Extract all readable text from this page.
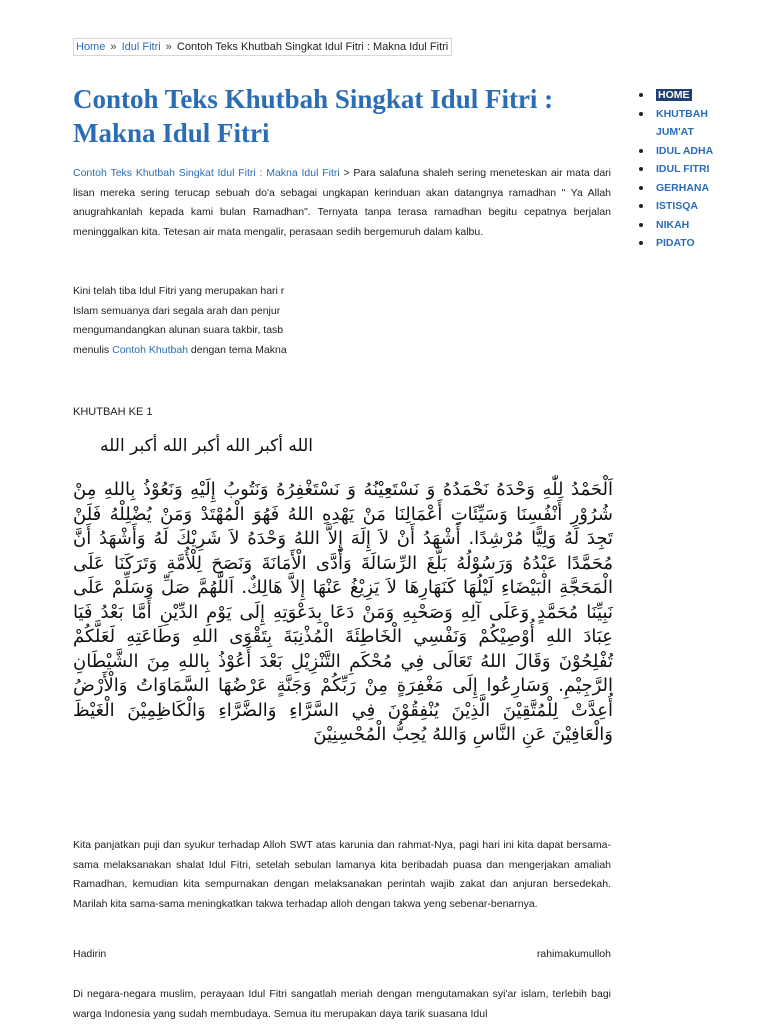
Home » Idul Fitri » Contoh Teks Khutbah Singkat Idul Fitri : Makna Idul Fitri
Contoh Teks Khutbah Singkat Idul Fitri : Makna Idul Fitri

Contoh Teks Khutbah Singkat Idul Fitri : Makna Idul Fitri > Para salafuna shaleh sering meneteskan air mata dari lisan mereka sering terucap sebuah do'a sebagai ungkapan kerinduan akan datangnya ramadhan " Ya Allah anugrahkanlah kepada kami bulan Ramadhan". Ternyata tanpa terasa ramadhan begitu cepatnya berjalan meninggalkan kita. Tetesan air mata mengalir, perasaan sedih bergemuruh dalam kalbu.

Kini telah tiba Idul Fitri yang merupakan hari r
Islam semuanya dari segala arah dan penjur
mengumandangkan alunan suara takbir, tasb
menulis Contoh Khutbah dengan tema Makna

KHUTBAH KE 1

الله أكبر الله أكبر الله أكبر الله

اَلْحَمْدُ لِلّٰهِ وَحْدَهُ نَحْمَدُهُ وَ نَسْتَعِيْنُهُ وَ نَسْتَغْفِرُهُ وَنَتُوبُ إِلَيْهِ وَنَعُوْذُ بِاللهِ مِنْ شُرُوْرِ أَنْفُسِنَا وَسَيِّئَاتِ أَعْمَالِنَا مَنْ يَهْدِهِ اللهُ فَهُوَ الْمُهْتَدْ وَمَنْ يُضْلِلْهُ فَلَنْ تَجِدَ لَهُ وَلِيًّا مُرْشِدًا. أَشْهَدُ أَنْ لاَ إِلَهَ إِلاَّ اللهُ وَحْدَهُ لاَ شَرِيْكَ لَهُ وَأَشْهَدُ أَنَّ مُحَمَّدًا عَبْدُهُ وَرَسُوْلُهُ بَلَّغَ الرِّسَالَةَ وَأَدَّى الْأَمَانَةَ وَنَصَحَ لِلْأُمَّةِ وَتَرَكَنَا عَلَى الْمَحَجَّةِ الْبَيْضَاءِ لَيْلُهَا كَنَهَارِهَا لاَ يَزِيْغُ عَنْهَا إِلاَّ هَالِكٌ. اَللَّهُمَّ صَلِّ وَسَلِّمْ عَلَى نَبِيِّنَا مُحَمَّدٍ وَعَلَى آلِهِ وَصَحْبِهِ وَمَنْ دَعَا بِدَعْوَتِهِ إِلَى يَوْمِ الدِّيْنِ أَمَّا بَعْدُ فَيَا عِبَادَ اللهِ أُوْصِيْكُمْ وَنَفْسِي الْخَاطِئَةَ الْمُذْنِبَةَ بِتَقْوَى اللهِ وَطَاعَتِهِ لَعَلَّكُمْ تُفْلِحُوْنَ وَقَالَ اللهُ تَعَالَى فِي مُحْكَمِ التَّنْزِيْلِ بَعْدَ أَعُوْذُ بِاللهِ مِنَ الشَّيْطَانِ الرَّجِيْمِ. وَسَارِعُوا إِلَى مَغْفِرَةٍ مِنْ رَبِّكُمْ وَجَنَّةٍ عَرْضُهَا السَّمَاوَاتُ وَالْأَرْضُ أُعِدَّتْ لِلْمُتَّقِيْنَ الَّذِيْنَ يُنْفِقُوْنَ فِي السَّرَّاءِ وَالضَّرَّاءِ وَالْكَاظِمِيْنَ الْغَيْظَ وَالْعَافِيْنَ عَنِ النَّاسِ وَاللهُ يُحِبُّ الْمُحْسِنِيْنَ

Kita panjatkan puji dan syukur terhadap Alloh SWT atas karunia dan rahmat-Nya, pagi hari ini kita dapat bersama-sama melaksanakan shalat Idul Fitri, setelah sebulan lamanya kita beribadah puasa dan mengerjakan amaliah Ramadhan, kemudian kita sempurnakan dengan melaksanakan perintah wajib zakat dan anjuran bersedekah. Marilah kita sama-sama meningkatkan takwa terhadap alloh dengan takwa yeng sebenar-benarnya.

Hadirin	rahimakumulloh

Di negara-negara muslim, perayaan Idul Fitri sangatlah meriah dengan mengutamakan syi'ar islam, terlebih bagi warga Indonesia yang sudah membudaya. Semua itu merupakan daya tarik suasana Idul

HOME
KHUTBAH JUM'AT
IDUL ADHA
IDUL FITRI
GERHANA
ISTISQA
NIKAH
PIDATO
